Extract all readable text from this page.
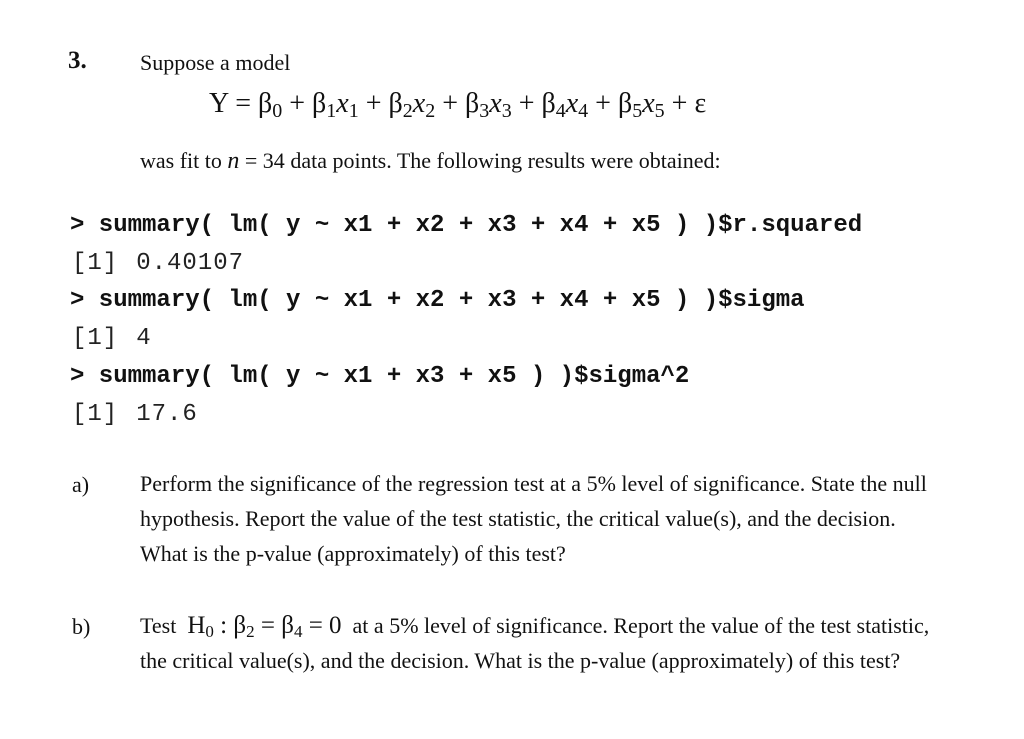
3. Suppose a model
$Y = \beta_0 + \beta_1x_1 + \beta_2x_2 + \beta_3x_3 + \beta_4x_4 + \beta_5x_5 + \varepsilon$
was fit to n = 34 data points. The following results were obtained:
> summary( lm( y ~ x1 + x2 + x3 + x4 + x5 ) )$r.squared
[1] 0.40107
> summary( lm( y ~ x1 + x2 + x3 + x4 + x5 ) )$sigma
[1] 4
> summary( lm( y ~ x1 + x3 + x5 ) )$sigma^2
[1] 17.6
a) Perform the significance of the regression test at a 5% level of significance. State the null hypothesis. Report the value of the test statistic, the critical value(s), and the decision. What is the p-value (approximately) of this test?
b) Test $H_0$ : $\beta_2 = \beta_4 = 0$ at a 5% level of significance. Report the value of the test statistic, the critical value(s), and the decision. What is the p-value (approximately) of this test?
